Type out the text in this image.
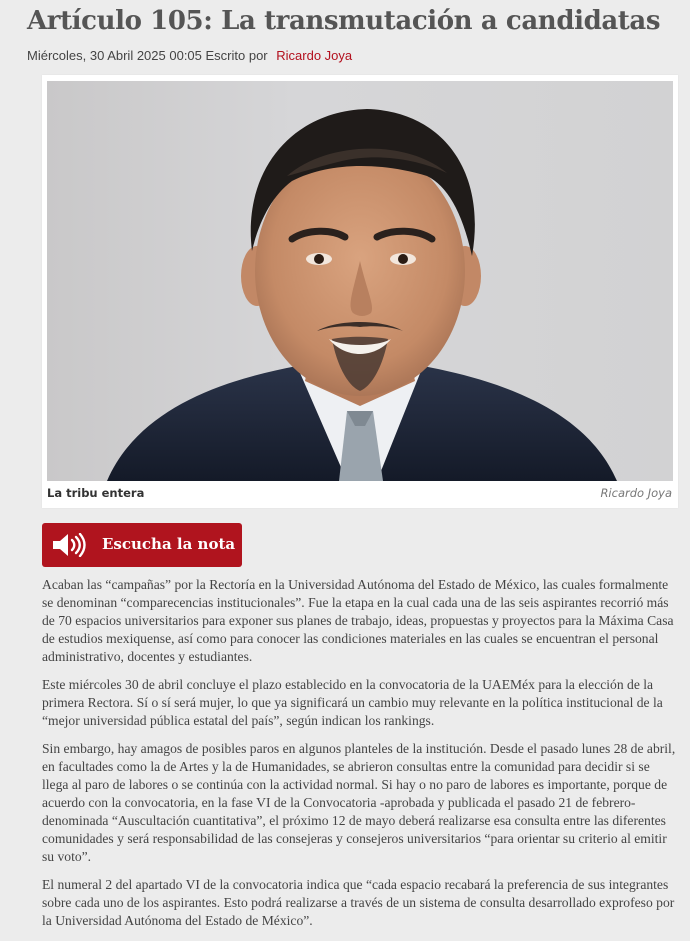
Artículo 105: La transmutación a candidatas
Miércoles, 30 Abril 2025 00:05 Escrito por Ricardo Joya
La tribu entera	Ricardo Joya
Escucha la nota

Acaban las “campañas” por la Rectoría en la Universidad Autónoma del Estado de México, las cuales formalmente se denominan “comparecencias institucionales”. Fue la etapa en la cual cada una de las seis aspirantes recorrió más de 70 espacios universitarios para exponer sus planes de trabajo, ideas, propuestas y proyectos para la Máxima Casa de estudios mexiquense, así como para conocer las condiciones materiales en las cuales se encuentran el personal administrativo, docentes y estudiantes.

Este miércoles 30 de abril concluye el plazo establecido en la convocatoria de la UAEMéx para la elección de la primera Rectora. Sí o sí será mujer, lo que ya significará un cambio muy relevante en la política institucional de la “mejor universidad pública estatal del país”, según indican los rankings.

Sin embargo, hay amagos de posibles paros en algunos planteles de la institución. Desde el pasado lunes 28 de abril, en facultades como la de Artes y la de Humanidades, se abrieron consultas entre la comunidad para decidir si se llega al paro de labores o se continúa con la actividad normal. Si hay o no paro de labores es importante, porque de acuerdo con la convocatoria, en la fase VI de la Convocatoria -aprobada y publicada el pasado 21 de febrero- denominada “Auscultación cuantitativa”, el próximo 12 de mayo deberá realizarse esa consulta entre las diferentes comunidades y será responsabilidad de las consejeras y consejeros universitarios “para orientar su criterio al emitir su voto”.

El numeral 2 del apartado VI de la convocatoria indica que “cada espacio recabará la preferencia de sus integrantes sobre cada uno de los aspirantes. Esto podrá realizarse a través de un sistema de consulta desarrollado exprofeso por la Universidad Autónoma del Estado de México”.
